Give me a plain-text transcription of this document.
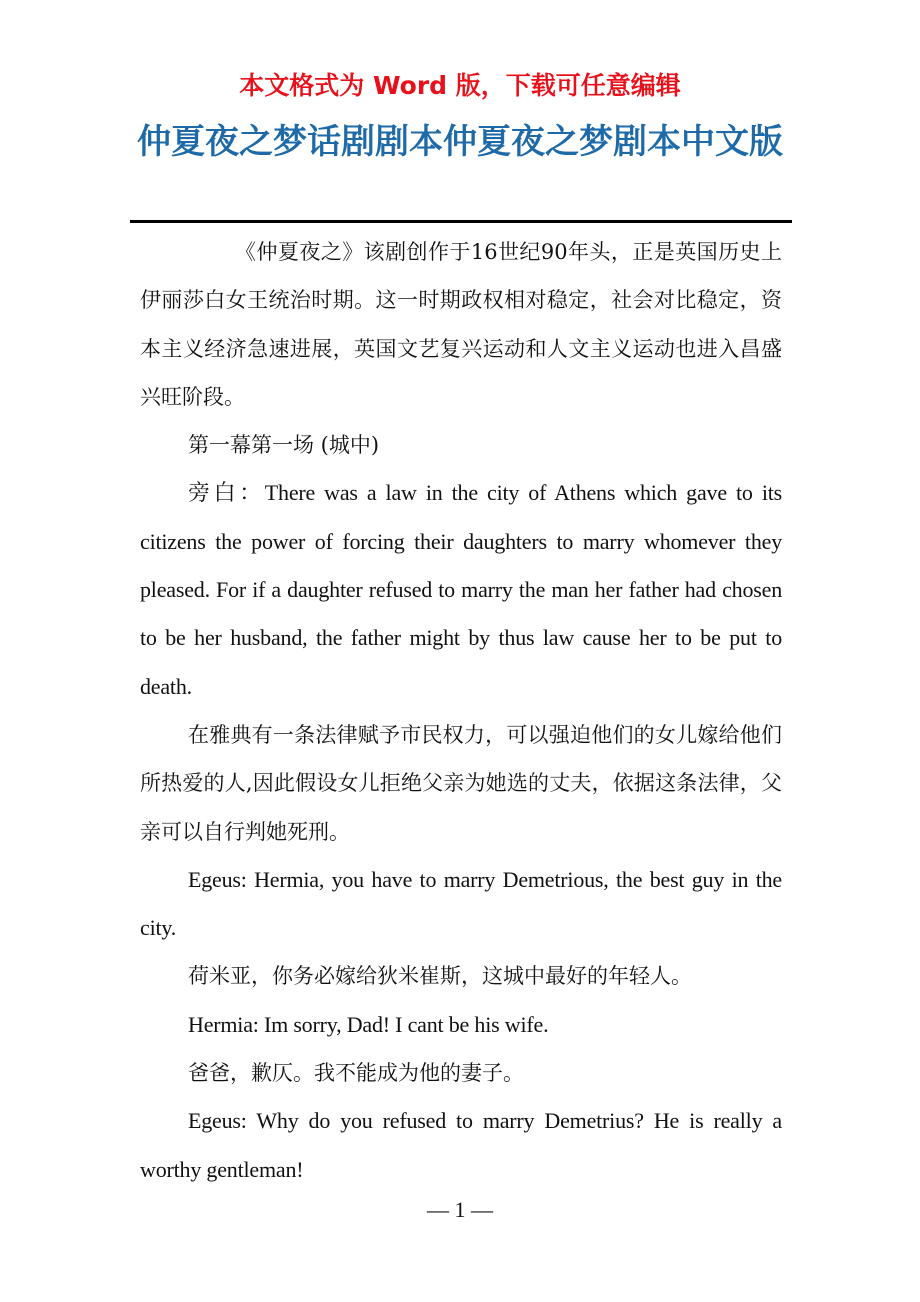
本文格式为 Word 版，下载可任意编辑
仲夏夜之梦话剧剧本仲夏夜之梦剧本中文版

《仲夏夜之》该剧创作于16世纪90年头，正是英国历史上伊丽莎白女王统治时期。这一时期政权相对稳定，社会对比稳定，资本主义经济急速进展，英国文艺复兴运动和人文主义运动也进入昌盛兴旺阶段。

第一幕第一场 (城中)

旁白：There was a law in the city of Athens which gave to its citizens the power of forcing their daughters to marry whomever they pleased. For if a daughter refused to marry the man her father had chosen to be her husband, the father might by thus law cause her to be put to death.

在雅典有一条法律赋予市民权力，可以强迫他们的女儿嫁给他们所热爱的人,因此假设女儿拒绝父亲为她选的丈夫，依据这条法律，父亲可以自行判她死刑。

Egeus: Hermia, you have to marry Demetrious, the best guy in the city.

荷米亚，你务必嫁给狄米崔斯，这城中最好的年轻人。

Hermia: Im sorry, Dad! I cant be his wife.

爸爸，歉仄。我不能成为他的妻子。

Egeus: Why do you refused to marry Demetrius? He is really a worthy gentleman!

— 1 —
